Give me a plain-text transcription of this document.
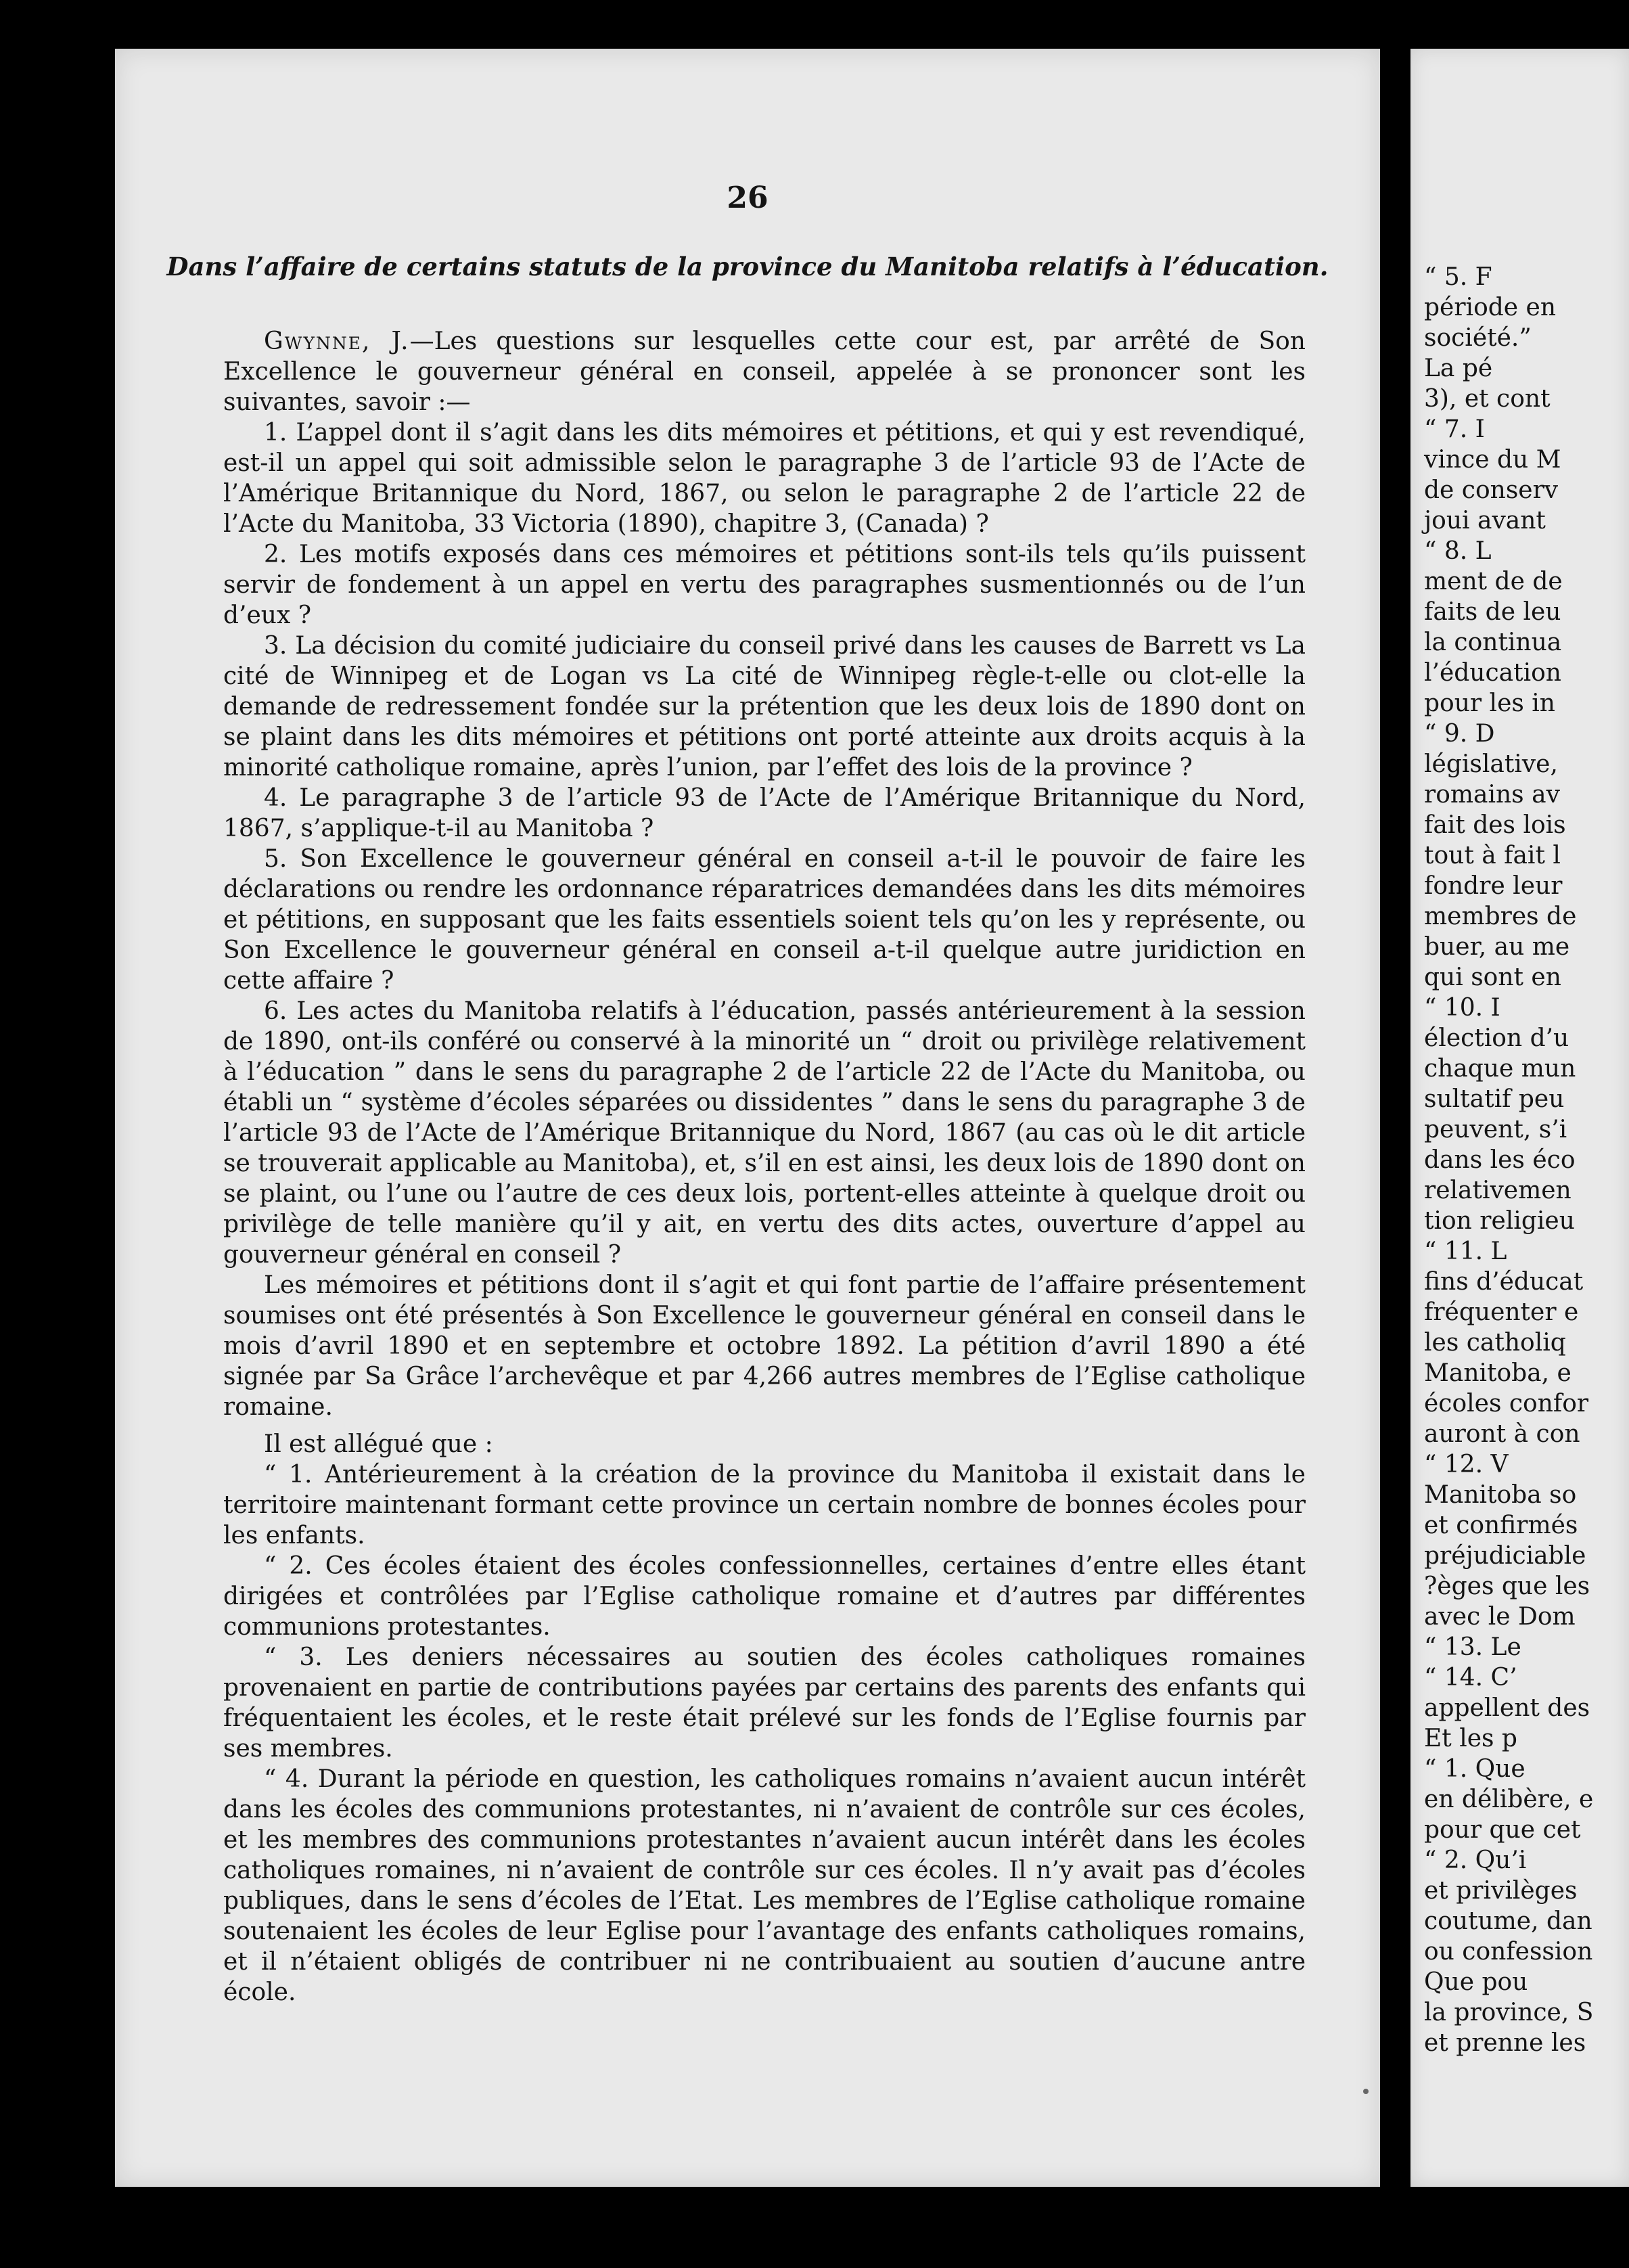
26
Dans l’affaire de certains statuts de la province du Manitoba relatifs à l’éducation.

Gwynne, J.—Les questions sur lesquelles cette cour est, par arrêté de Son Excellence le gouverneur général en conseil, appelée à se prononcer sont les suivantes, savoir :—

1. L’appel dont il s’agit dans les dits mémoires et pétitions, et qui y est revendiqué, est-il un appel qui soit admissible selon le paragraphe 3 de l’article 93 de l’Acte de l’Amérique Britannique du Nord, 1867, ou selon le paragraphe 2 de l’article 22 de l’Acte du Manitoba, 33 Victoria (1890), chapitre 3, (Canada) ?

2. Les motifs exposés dans ces mémoires et pétitions sont-ils tels qu’ils puissent servir de fondement à un appel en vertu des paragraphes susmentionnés ou de l’un d’eux ?

3. La décision du comité judiciaire du conseil privé dans les causes de Barrett vs La cité de Winnipeg et de Logan vs La cité de Winnipeg règle-t-elle ou clot-elle la demande de redressement fondée sur la prétention que les deux lois de 1890 dont on se plaint dans les dits mémoires et pétitions ont porté atteinte aux droits acquis à la minorité catholique romaine, après l’union, par l’effet des lois de la province ?

4. Le paragraphe 3 de l’article 93 de l’Acte de l’Amérique Britannique du Nord, 1867, s’applique-t-il au Manitoba ?

5. Son Excellence le gouverneur général en conseil a-t-il le pouvoir de faire les déclarations ou rendre les ordonnance réparatrices demandées dans les dits mémoires et pétitions, en supposant que les faits essentiels soient tels qu’on les y représente, ou Son Excellence le gouverneur général en conseil a-t-il quelque autre juridiction en cette affaire ?

6. Les actes du Manitoba relatifs à l’éducation, passés antérieurement à la session de 1890, ont-ils conféré ou conservé à la minorité un “ droit ou privilège relativement à l’éducation ” dans le sens du paragraphe 2 de l’article 22 de l’Acte du Manitoba, ou établi un “ système d’écoles séparées ou dissidentes ” dans le sens du paragraphe 3 de l’article 93 de l’Acte de l’Amérique Britannique du Nord, 1867 (au cas où le dit article se trouverait applicable au Manitoba), et, s’il en est ainsi, les deux lois de 1890 dont on se plaint, ou l’une ou l’autre de ces deux lois, portent-elles atteinte à quelque droit ou privilège de telle manière qu’il y ait, en vertu des dits actes, ouverture d’appel au gouverneur général en conseil ?

Les mémoires et pétitions dont il s’agit et qui font partie de l’affaire présentement soumises ont été présentés à Son Excellence le gouverneur général en conseil dans le mois d’avril 1890 et en septembre et octobre 1892. La pétition d’avril 1890 a été signée par Sa Grâce l’archevêque et par 4,266 autres membres de l’Eglise catholique romaine.

Il est allégué que :

“ 1. Antérieurement à la création de la province du Manitoba il existait dans le territoire maintenant formant cette province un certain nombre de bonnes écoles pour les enfants.

“ 2. Ces écoles étaient des écoles confessionnelles, certaines d’entre elles étant dirigées et contrôlées par l’Eglise catholique romaine et d’autres par différentes communions protestantes.

“ 3. Les deniers nécessaires au soutien des écoles catholiques romaines provenaient en partie de contributions payées par certains des parents des enfants qui fréquentaient les écoles, et le reste était prélevé sur les fonds de l’Eglise fournis par ses membres.

“ 4. Durant la période en question, les catholiques romains n’avaient aucun intérêt dans les écoles des communions protestantes, ni n’avaient de contrôle sur ces écoles, et les membres des communions protestantes n’avaient aucun intérêt dans les écoles catholiques romaines, ni n’avaient de contrôle sur ces écoles. Il n’y avait pas d’écoles publiques, dans le sens d’écoles de l’Etat. Les membres de l’Eglise catholique romaine soutenaient les écoles de leur Eglise pour l’avantage des enfants catholiques romains, et il n’étaient obligés de contribuer ni ne contribuaient au soutien d’aucune antre école.

“ 5. F
période en
société.”
La pé
3), et cont
“ 7. I
vince du M
de conserv
joui avant
“ 8. L
ment de de
faits de leu
la continua
l’éducation
pour les in
“ 9. D
législative,
romains av
fait des lois
tout à fait l
fondre leur
membres de
buer, au me
qui sont en
“ 10. I
élection d’u
chaque mun
sultatif peu
peuvent, s’i
dans les éco
relativemen
tion religieu
“ 11. L
fins d’éducat
fréquenter e
les catholiq
Manitoba, e
écoles confor
auront à con
“ 12. V
Manitoba so
et confirmés
préjudiciable
?èges que les
avec le Dom
“ 13. Le
“ 14. C’
appellent des
Et les p
“ 1. Que
en délibère, e
pour que cet
“ 2. Qu’i
et privilèges
coutume, dan
ou confession
Que pou
la province, S
et prenne les
